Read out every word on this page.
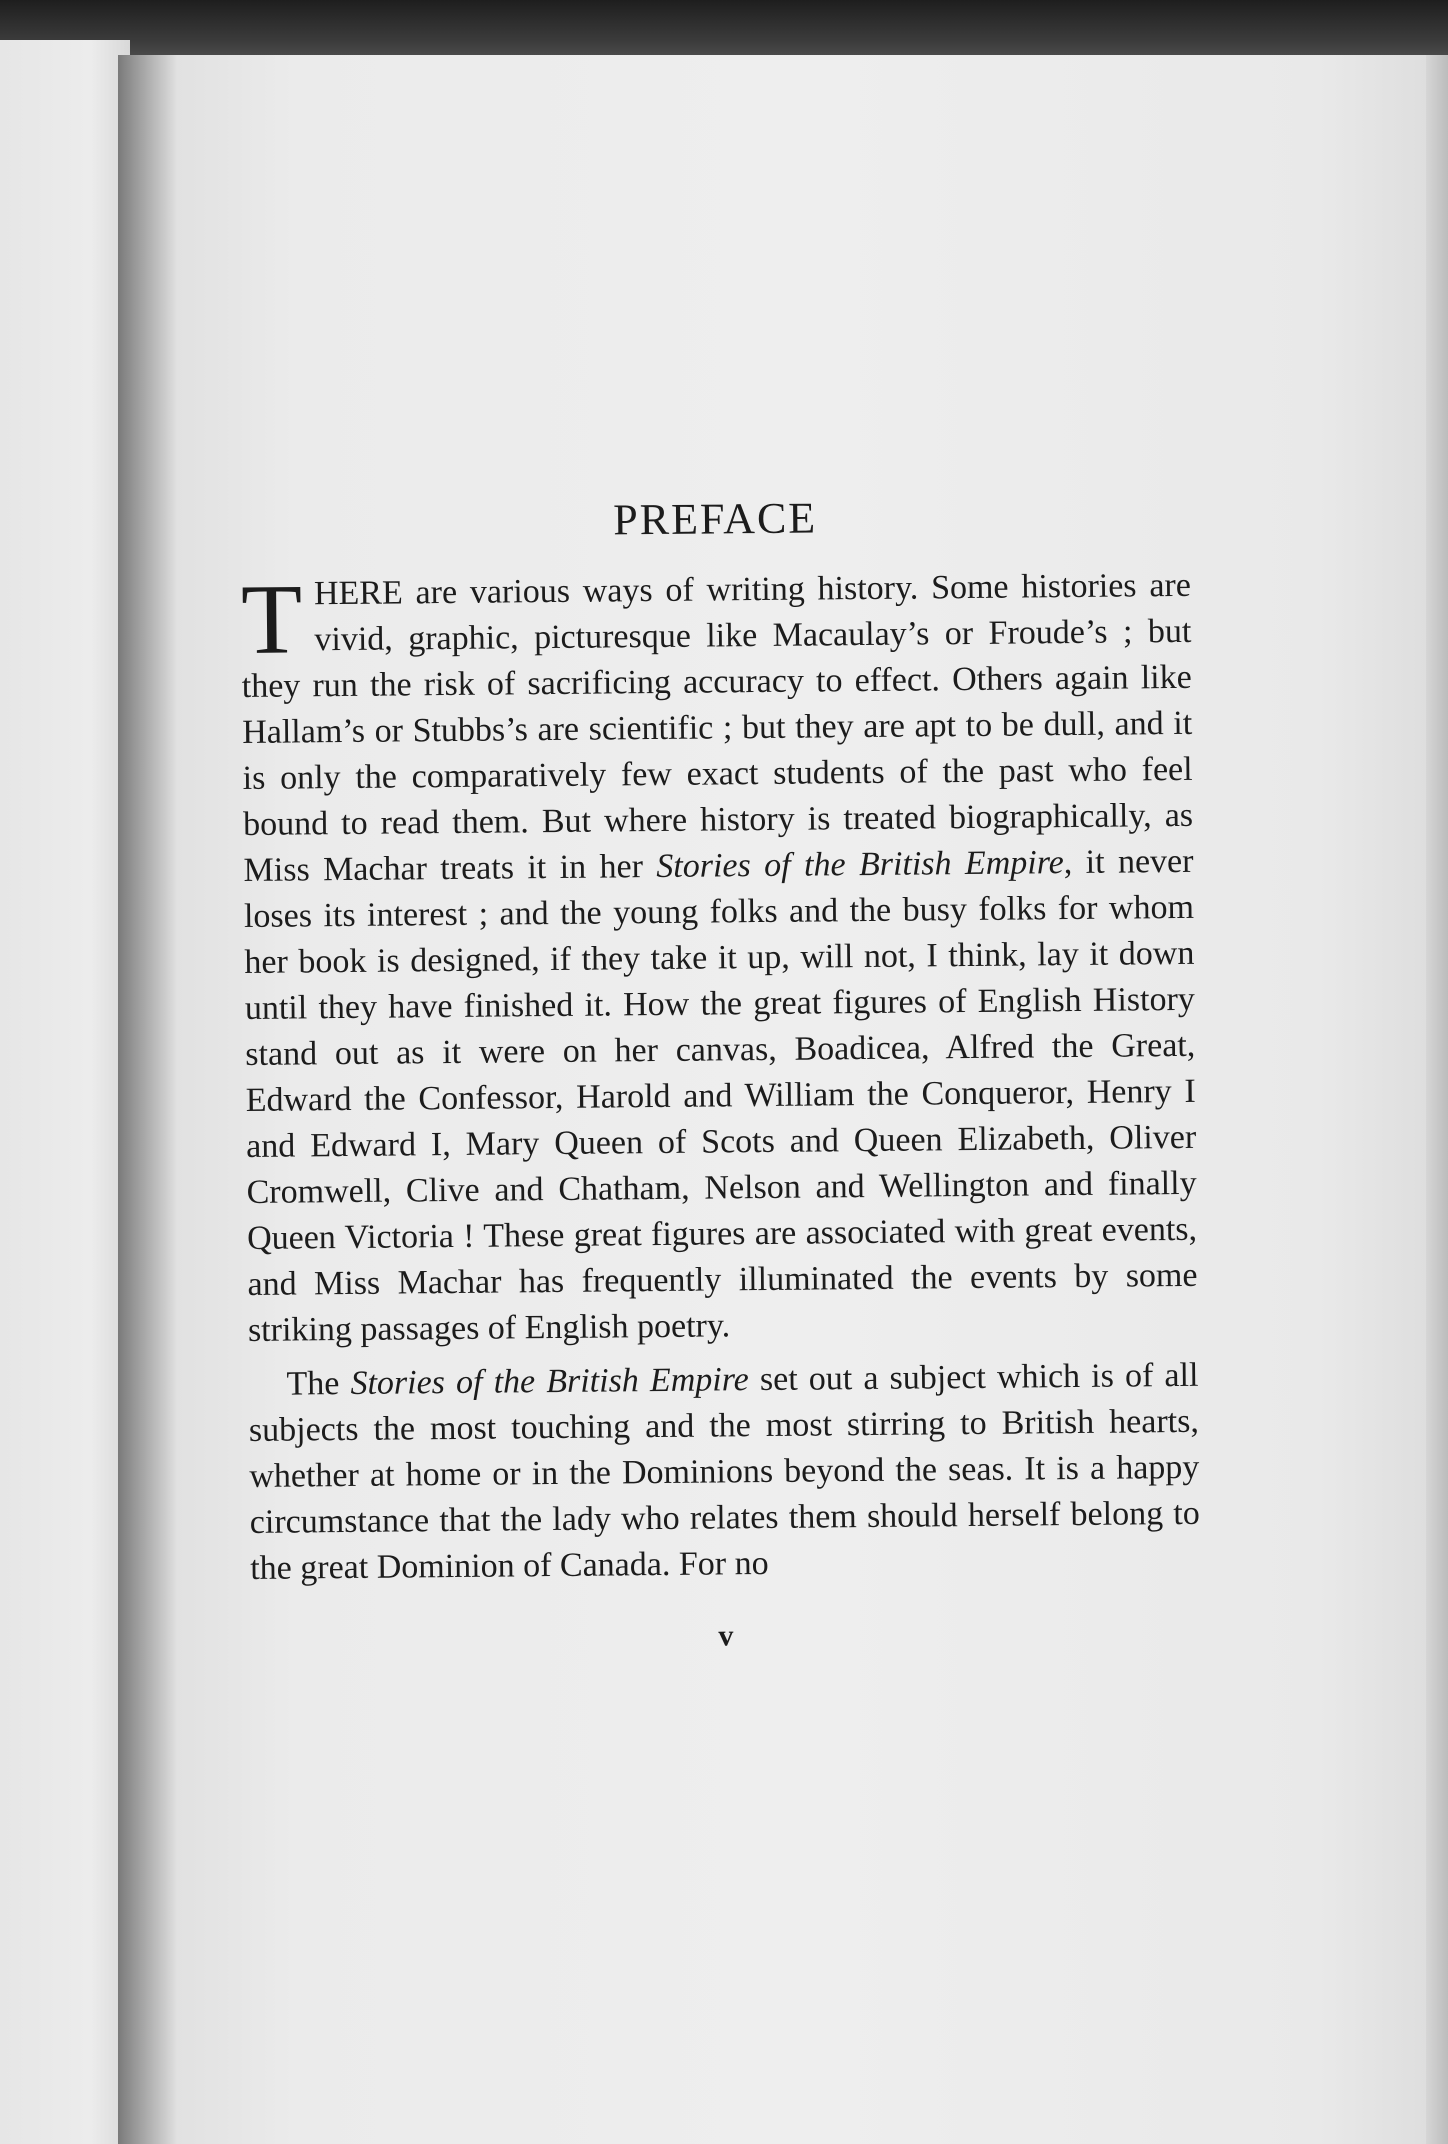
PREFACE

THERE are various ways of writing history. Some histories are vivid, graphic, picturesque like Macaulay’s or Froude’s ; but they run the risk of sacrificing accuracy to effect. Others again like Hallam’s or Stubbs’s are scientific ; but they are apt to be dull, and it is only the comparatively few exact students of the past who feel bound to read them. But where history is treated biographically, as Miss Machar treats it in her Stories of the British Empire, it never loses its interest ; and the young folks and the busy folks for whom her book is designed, if they take it up, will not, I think, lay it down until they have finished it. How the great figures of English History stand out as it were on her canvas, Boadicea, Alfred the Great, Edward the Confessor, Harold and William the Conqueror, Henry I and Edward I, Mary Queen of Scots and Queen Elizabeth, Oliver Cromwell, Clive and Chatham, Nelson and Wellington and finally Queen Victoria ! These great figures are associated with great events, and Miss Machar has frequently illuminated the events by some striking passages of English poetry.

The Stories of the British Empire set out a subject which is of all subjects the most touching and the most stirring to British hearts, whether at home or in the Dominions beyond the seas. It is a happy circumstance that the lady who relates them should herself belong to the great Dominion of Canada. For no

v
